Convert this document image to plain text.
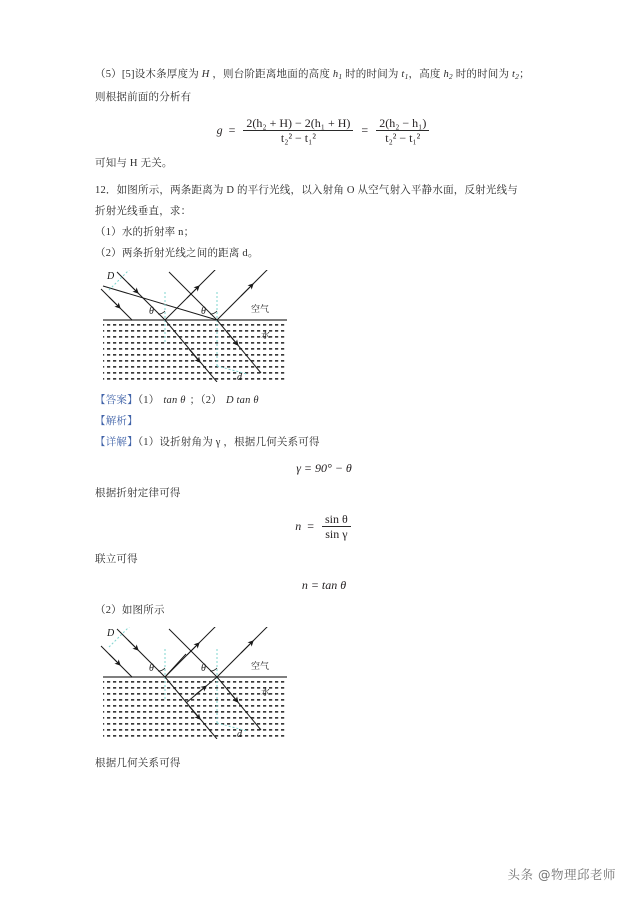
（5）[5]设木条厚度为 H ，则台阶距离地面的高度 $h_1$ 时的时间为 $t_1$，高度 $h_2$ 时的时间为 $t_2$；
则根据前面的分析有
$g = \frac{\text{2(h₂ + H) − 2(h₁ + H)}}{\text{t₂² − t₁²}} = \frac{\text{2(h₂ − h₁)}}{\text{t₂² − t₁²}}$
可知与 H 无关。
12．如图所示，两条距离为 D 的平行光线，以入射角 O 从空气射入平静水面，反射光线与
折射光线垂直，求：
（1）水的折射率 n；
（2）两条折射光线之间的距离 d。
D
θ	θ	空气
水
d
【答案】（1） tan θ ；（2） D tan θ
【解析】
【详解】（1）设折射角为 γ ，根据几何关系可得
γ = 90° − θ
根据折射定律可得
$n = \frac{\text{sin θ}}{\text{sin γ}}$
联立可得
n = tan θ
（2）如图所示
D
θ	θ	空气
水
d
根据几何关系可得
头条 @物理邱老师
